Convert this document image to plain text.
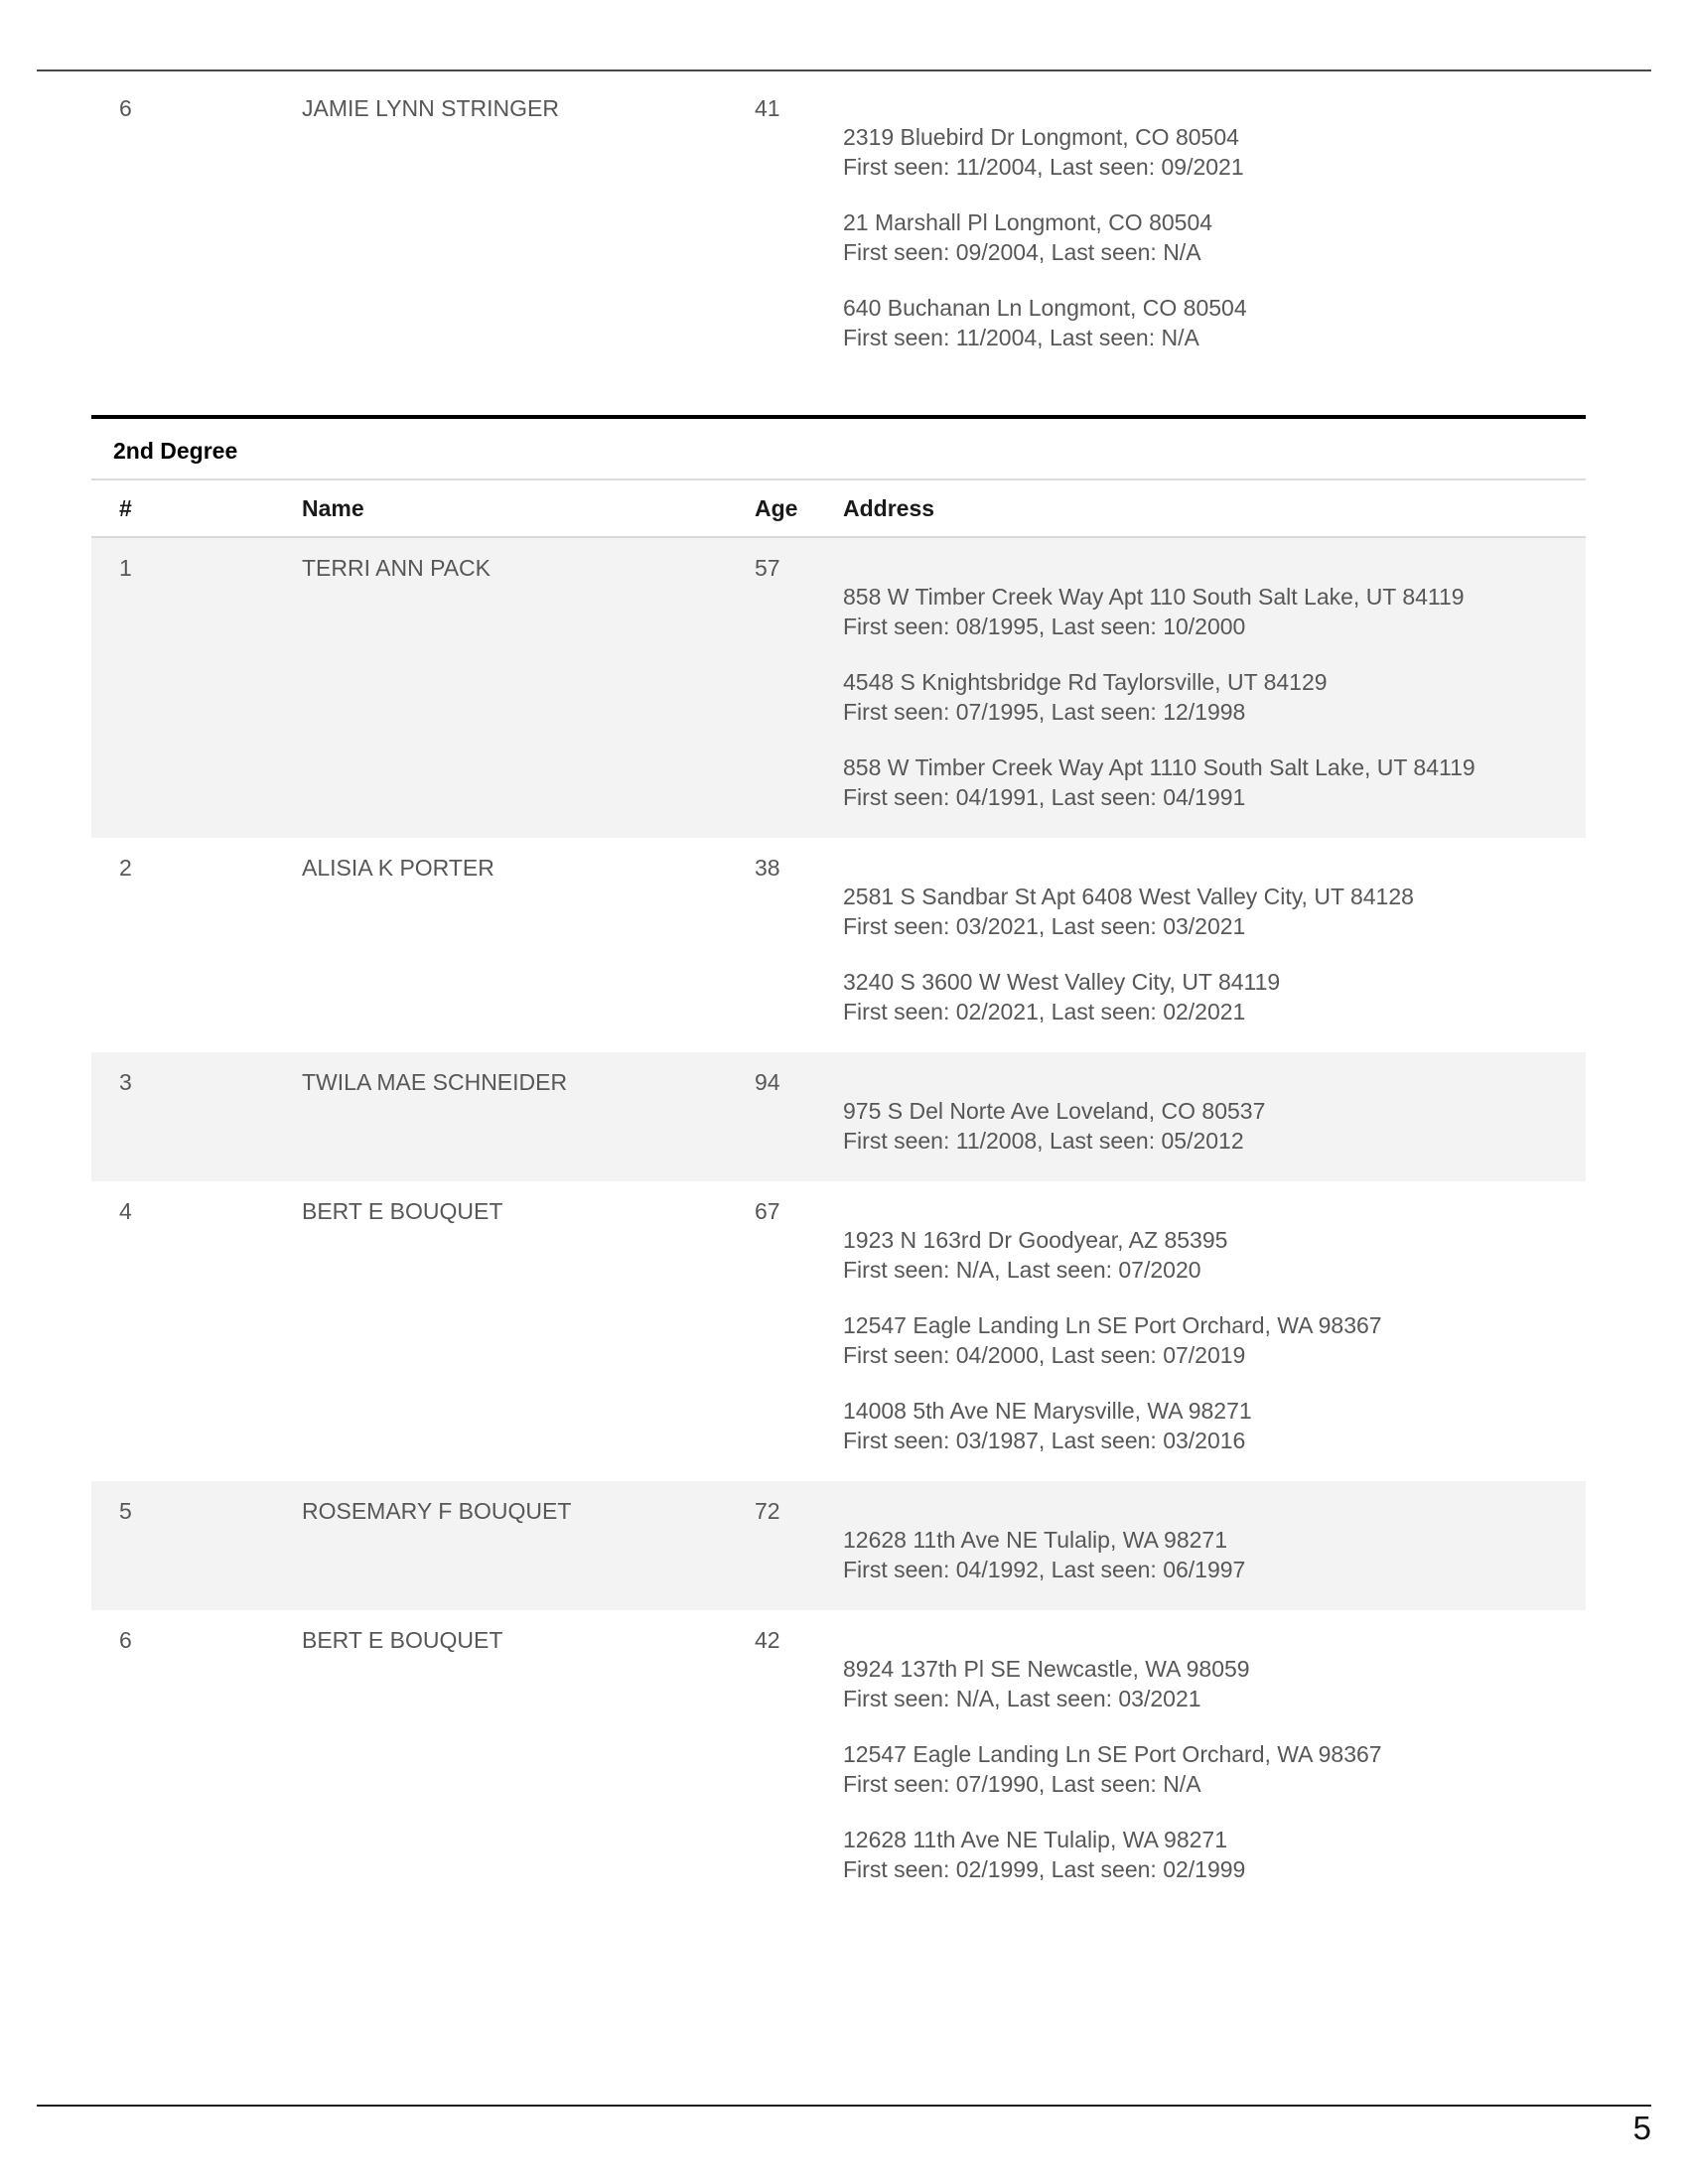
6	JAMIE LYNN STRINGER	41
2319 Bluebird Dr Longmont, CO 80504
First seen: 11/2004, Last seen: 09/2021
21 Marshall Pl Longmont, CO 80504
First seen: 09/2004, Last seen: N/A
640 Buchanan Ln Longmont, CO 80504
First seen: 11/2004, Last seen: N/A
2nd Degree
#	Name	Age	Address
1	TERRI ANN PACK	57
858 W Timber Creek Way Apt 110 South Salt Lake, UT 84119
First seen: 08/1995, Last seen: 10/2000
4548 S Knightsbridge Rd Taylorsville, UT 84129
First seen: 07/1995, Last seen: 12/1998
858 W Timber Creek Way Apt 1110 South Salt Lake, UT 84119
First seen: 04/1991, Last seen: 04/1991
2	ALISIA K PORTER	38
2581 S Sandbar St Apt 6408 West Valley City, UT 84128
First seen: 03/2021, Last seen: 03/2021
3240 S 3600 W West Valley City, UT 84119
First seen: 02/2021, Last seen: 02/2021
3	TWILA MAE SCHNEIDER	94
975 S Del Norte Ave Loveland, CO 80537
First seen: 11/2008, Last seen: 05/2012
4	BERT E BOUQUET	67
1923 N 163rd Dr Goodyear, AZ 85395
First seen: N/A, Last seen: 07/2020
12547 Eagle Landing Ln SE Port Orchard, WA 98367
First seen: 04/2000, Last seen: 07/2019
14008 5th Ave NE Marysville, WA 98271
First seen: 03/1987, Last seen: 03/2016
5	ROSEMARY F BOUQUET	72
12628 11th Ave NE Tulalip, WA 98271
First seen: 04/1992, Last seen: 06/1997
6	BERT E BOUQUET	42
8924 137th Pl SE Newcastle, WA 98059
First seen: N/A, Last seen: 03/2021
12547 Eagle Landing Ln SE Port Orchard, WA 98367
First seen: 07/1990, Last seen: N/A
12628 11th Ave NE Tulalip, WA 98271
First seen: 02/1999, Last seen: 02/1999
5
